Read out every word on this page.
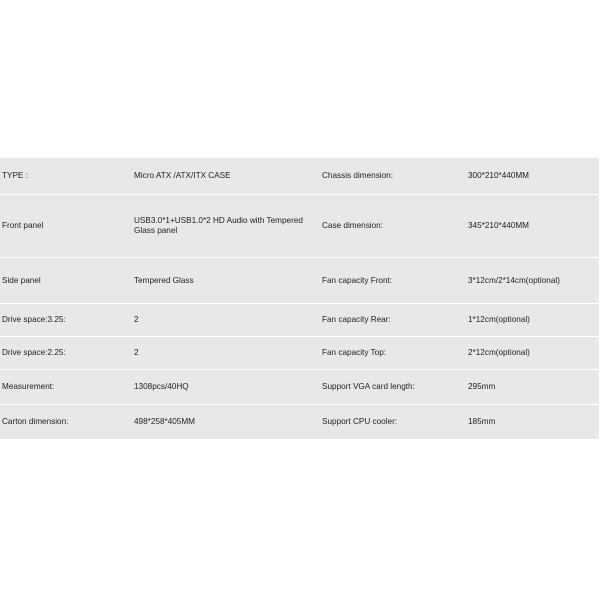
TYPE :	Micro ATX /ATX/ITX CASE	Chassis dimension:	300*210*440MM
Front panel	USB3.0*1+USB1.0*2 HD Audio with Tempered Glass panel	Case dimension:	345*210*440MM
Side panel	Tempered Glass	Fan capacity Front:	3*12cm/2*14cm(optional)
Drive space:3.25:	2	Fan capacity Rear:	1*12cm(optional)
Drive space:2.25:	2	Fan capacity Top:	2*12cm(optional)
Measurement:	1308pcs/40HQ	Support VGA card length:	295mm
Carton dimension:	498*258*405MM	Support CPU cooler:	185mm
